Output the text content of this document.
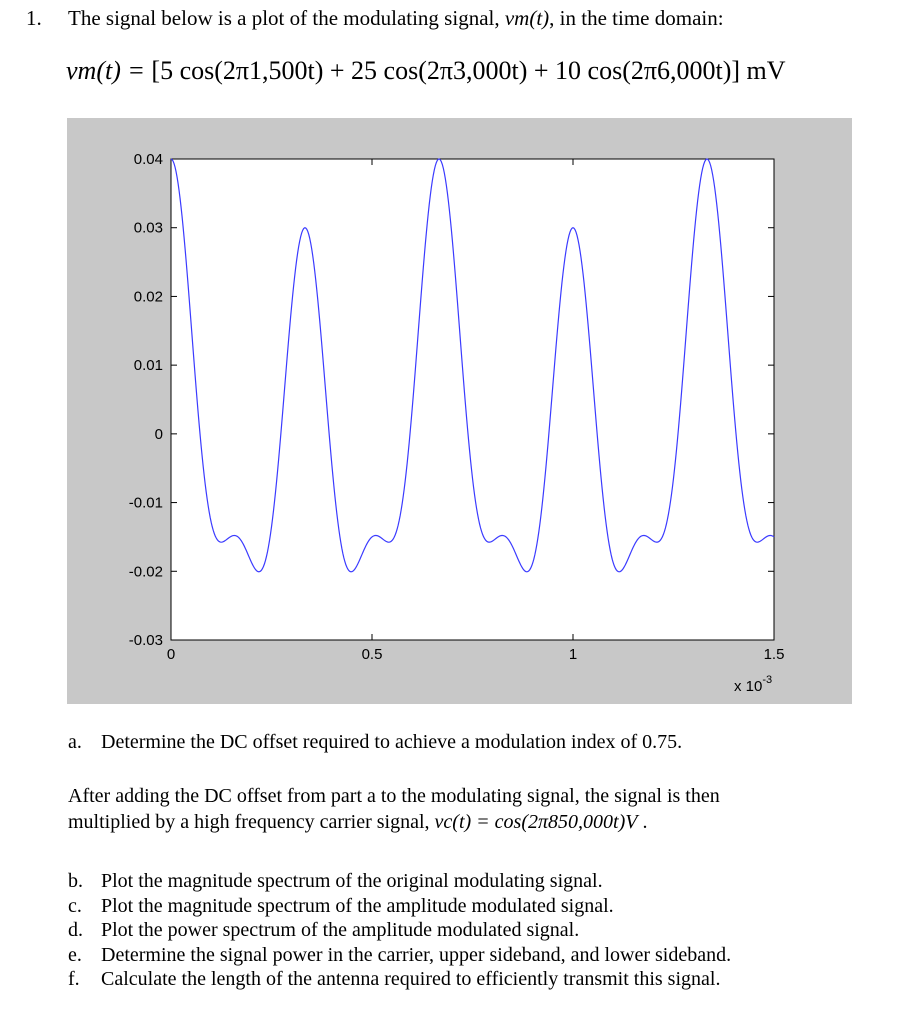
1. The signal below is a plot of the modulating signal, vm(t), in the time domain:
vm(t) = [5 cos(2π1,500t) + 25 cos(2π3,000t) + 10 cos(2π6,000t)] mV
0.04
0.03
0.02
0.01
0
-0.01
-0.02
-0.03
0	0.5	1	1.5
x $10^{-3}$
a. Determine the DC offset required to achieve a modulation index of 0.75.
After adding the DC offset from part a to the modulating signal, the signal is then
multiplied by a high frequency carrier signal, vc(t) = cos(2π850,000t)V .
b. Plot the magnitude spectrum of the original modulating signal.
c. Plot the magnitude spectrum of the amplitude modulated signal.
d. Plot the power spectrum of the amplitude modulated signal.
e. Determine the signal power in the carrier, upper sideband, and lower sideband.
f. Calculate the length of the antenna required to efficiently transmit this signal.
